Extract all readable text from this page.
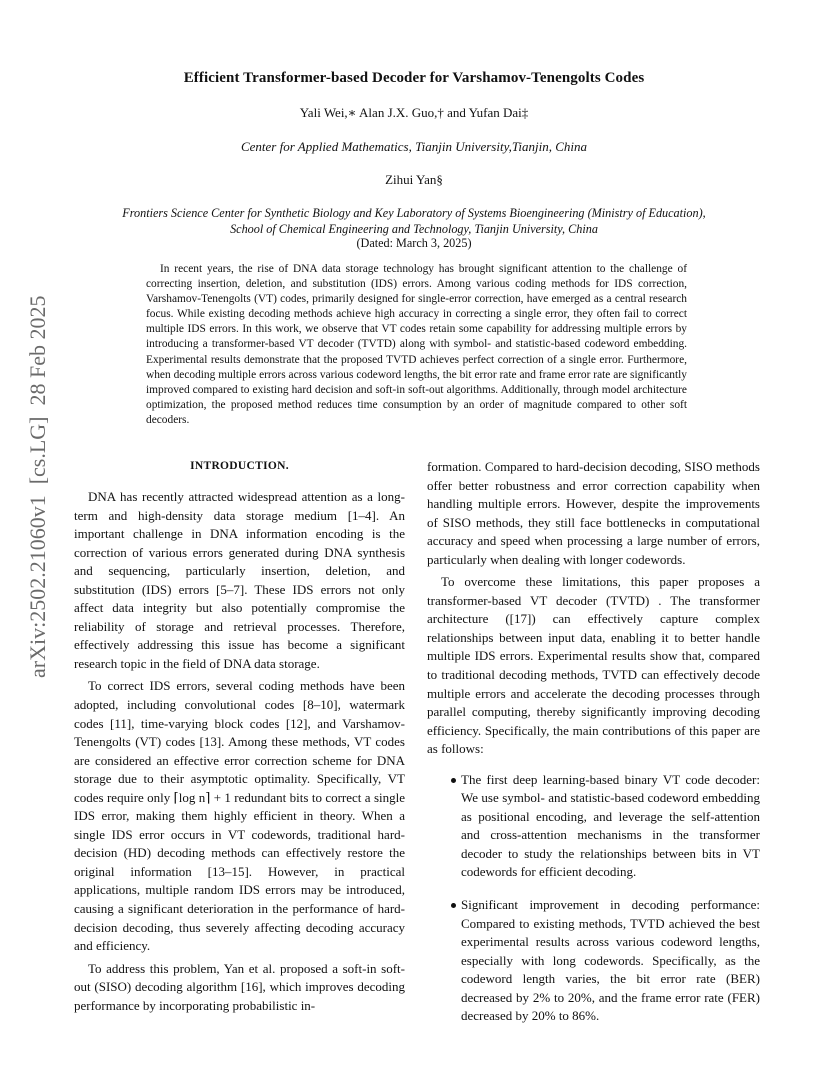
arXiv:2502.21060v1  [cs.LG]  28 Feb 2025
Efficient Transformer-based Decoder for Varshamov-Tenengolts Codes
Yali Wei,∗ Alan J.X. Guo,† and Yufan Dai‡
Center for Applied Mathematics, Tianjin University,Tianjin, China
Zihui Yan§
Frontiers Science Center for Synthetic Biology and Key Laboratory of Systems Bioengineering (Ministry of Education),
School of Chemical Engineering and Technology, Tianjin University, China
(Dated: March 3, 2025)
In recent years, the rise of DNA data storage technology has brought significant attention to the challenge of correcting insertion, deletion, and substitution (IDS) errors. Among various coding methods for IDS correction, Varshamov-Tenengolts (VT) codes, primarily designed for single-error correction, have emerged as a central research focus. While existing decoding methods achieve high accuracy in correcting a single error, they often fail to correct multiple IDS errors. In this work, we observe that VT codes retain some capability for addressing multiple errors by introducing a transformer-based VT decoder (TVTD) along with symbol- and statistic-based codeword embedding. Experimental results demonstrate that the proposed TVTD achieves perfect correction of a single error. Furthermore, when decoding multiple errors across various codeword lengths, the bit error rate and frame error rate are significantly improved compared to existing hard decision and soft-in soft-out algorithms. Additionally, through model architecture optimization, the proposed method reduces time consumption by an order of magnitude compared to other soft decoders.
INTRODUCTION.

DNA has recently attracted widespread attention as a long-term and high-density data storage medium [1–4]. An important challenge in DNA information encoding is the correction of various errors generated during DNA synthesis and sequencing, particularly insertion, deletion, and substitution (IDS) errors [5–7]. These IDS errors not only affect data integrity but also potentially compromise the reliability of storage and retrieval processes. Therefore, effectively addressing this issue has become a significant research topic in the field of DNA data storage.

To correct IDS errors, several coding methods have been adopted, including convolutional codes [8–10], watermark codes [11], time-varying block codes [12], and Varshamov-Tenengolts (VT) codes [13]. Among these methods, VT codes are considered an effective error correction scheme for DNA storage due to their asymptotic optimality. Specifically, VT codes require only ⌈log n⌉ + 1 redundant bits to correct a single IDS error, making them highly efficient in theory. When a single IDS error occurs in VT codewords, traditional hard-decision (HD) decoding methods can effectively restore the original information [13–15]. However, in practical applications, multiple random IDS errors may be introduced, causing a significant deterioration in the performance of hard-decision decoding, thus severely affecting decoding accuracy and efficiency.

To address this problem, Yan et al. proposed a soft-in soft-out (SISO) decoding algorithm [16], which improves decoding performance by incorporating probabilistic in-

formation. Compared to hard-decision decoding, SISO methods offer better robustness and error correction capability when handling multiple errors. However, despite the improvements of SISO methods, they still face bottlenecks in computational accuracy and speed when processing a large number of errors, particularly when dealing with longer codewords.

To overcome these limitations, this paper proposes a transformer-based VT decoder (TVTD) . The transformer architecture ([17]) can effectively capture complex relationships between input data, enabling it to better handle multiple IDS errors. Experimental results show that, compared to traditional decoding methods, TVTD can effectively decode multiple errors and accelerate the decoding processes through parallel computing, thereby significantly improving decoding efficiency. Specifically, the main contributions of this paper are as follows:

The first deep learning-based binary VT code decoder: We use symbol- and statistic-based codeword embedding as positional encoding, and leverage the self-attention and cross-attention mechanisms in the transformer decoder to study the relationships between bits in VT codewords for efficient decoding.
Significant improvement in decoding performance: Compared to existing methods, TVTD achieved the best experimental results across various codeword lengths, especially with long codewords. Specifically, as the codeword length varies, the bit error rate (BER) decreased by 2% to 20%, and the frame error rate (FER) decreased by 20% to 86%.
